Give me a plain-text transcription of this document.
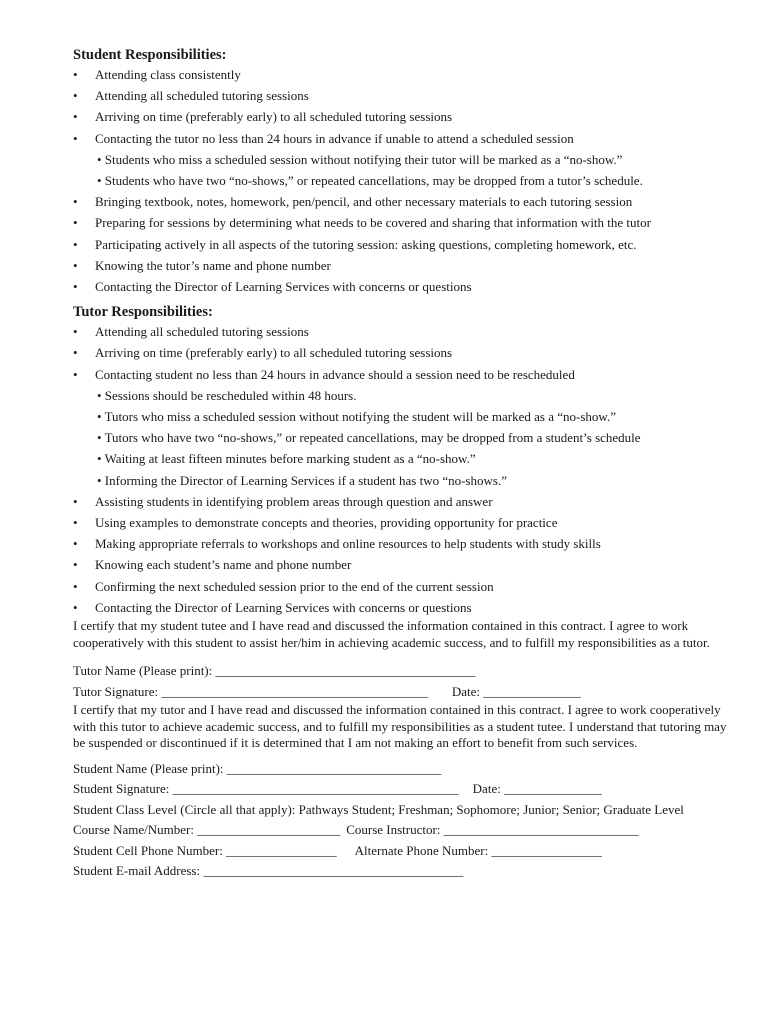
Student Responsibilities:
• Attending class consistently
• Attending all scheduled tutoring sessions
• Arriving on time (preferably early) to all scheduled tutoring sessions
• Contacting the tutor no less than 24 hours in advance if unable to attend a scheduled session
• Students who miss a scheduled session without notifying their tutor will be marked as a “no-show.”
• Students who have two “no-shows,” or repeated cancellations, may be dropped from a tutor’s schedule.
• Bringing textbook, notes, homework, pen/pencil, and other necessary materials to each tutoring session
• Preparing for sessions by determining what needs to be covered and sharing that information with the tutor
• Participating actively in all aspects of the tutoring session: asking questions, completing homework, etc.
• Knowing the tutor’s name and phone number
• Contacting the Director of Learning Services with concerns or questions
Tutor Responsibilities:
• Attending all scheduled tutoring sessions
• Arriving on time (preferably early) to all scheduled tutoring sessions
• Contacting student no less than 24 hours in advance should a session need to be rescheduled
• Sessions should be rescheduled within 48 hours.
• Tutors who miss a scheduled session without notifying the student will be marked as a “no-show.”
• Tutors who have two “no-shows,” or repeated cancellations, may be dropped from a student’s schedule
• Waiting at least fifteen minutes before marking student as a “no-show.”
• Informing the Director of Learning Services if a student has two “no-shows.”
• Assisting students in identifying problem areas through question and answer
• Using examples to demonstrate concepts and theories, providing opportunity for practice
• Making appropriate referrals to workshops and online resources to help students with study skills
• Knowing each student’s name and phone number
• Confirming the next scheduled session prior to the end of the current session
• Contacting the Director of Learning Services with concerns or questions

I certify that my student tutee and I have read and discussed the information contained in this contract. I agree to work cooperatively with this student to assist her/him in achieving academic success, and to fulfill my responsibilities as a tutor.

Tutor Name (Please print): ________________________________________
Tutor Signature: _________________________________________ Date: _______________

I certify that my tutor and I have read and discussed the information contained in this contract. I agree to work cooperatively with this tutor to achieve academic success, and to fulfill my responsibilities as a student tutee. I understand that tutoring may be suspended or discontinued if it is determined that I am not making an effort to benefit from such services.

Student Name (Please print): _________________________________
Student Signature: ____________________________________________ Date: _______________
Student Class Level (Circle all that apply): Pathways Student; Freshman; Sophomore; Junior; Senior; Graduate Level
Course Name/Number: ______________________ Course Instructor: ______________________________
Student Cell Phone Number: _________________ Alternate Phone Number: _________________
Student E-mail Address: ________________________________________
